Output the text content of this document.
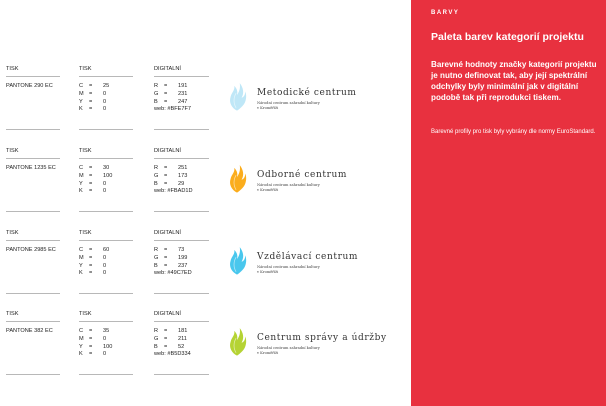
BARVY
Paleta barev kategorií projektu
Barevné hodnoty značky kategorií projektu je nutno definovat tak, aby její spektrální odchylky byly minimální jak v digitální podobě tak při reprodukci tiskem.
Barevné profily pro tisk byly vybrány dle normy EuroStandard.
TISK	TISK	DIGITALNÍ
PANTONE 290 EC	C = 25
M = 0
Y = 0
K = 0
R = 191
G = 231
B = 247
web: #BFE7F7
Metodické centrum
Národní centrum zahradní kultury
v Kroměříži
TISK	TISK	DIGITALNÍ
PANTONE 1235 EC	C = 30
M = 100
Y = 0
K = 0
R = 251
G = 173
B = 29
web: #FBAD1D
Odborné centrum
Národní centrum zahradní kultury
v Kroměříži
TISK	TISK	DIGITALNÍ
PANTONE 2985 EC	C = 60
M = 0
Y = 0
K = 0
R = 73
G = 199
B = 237
web: #49C7ED
Vzdělávací centrum
Národní centrum zahradní kultury
v Kroměříži
TISK	TISK	DIGITALNÍ
PANTONE 382 EC	C = 35
M = 0
Y = 100
K = 0
R = 181
G = 211
B = 52
web: #B5D334
Centrum správy a údržby
Národní centrum zahradní kultury
v Kroměříži
